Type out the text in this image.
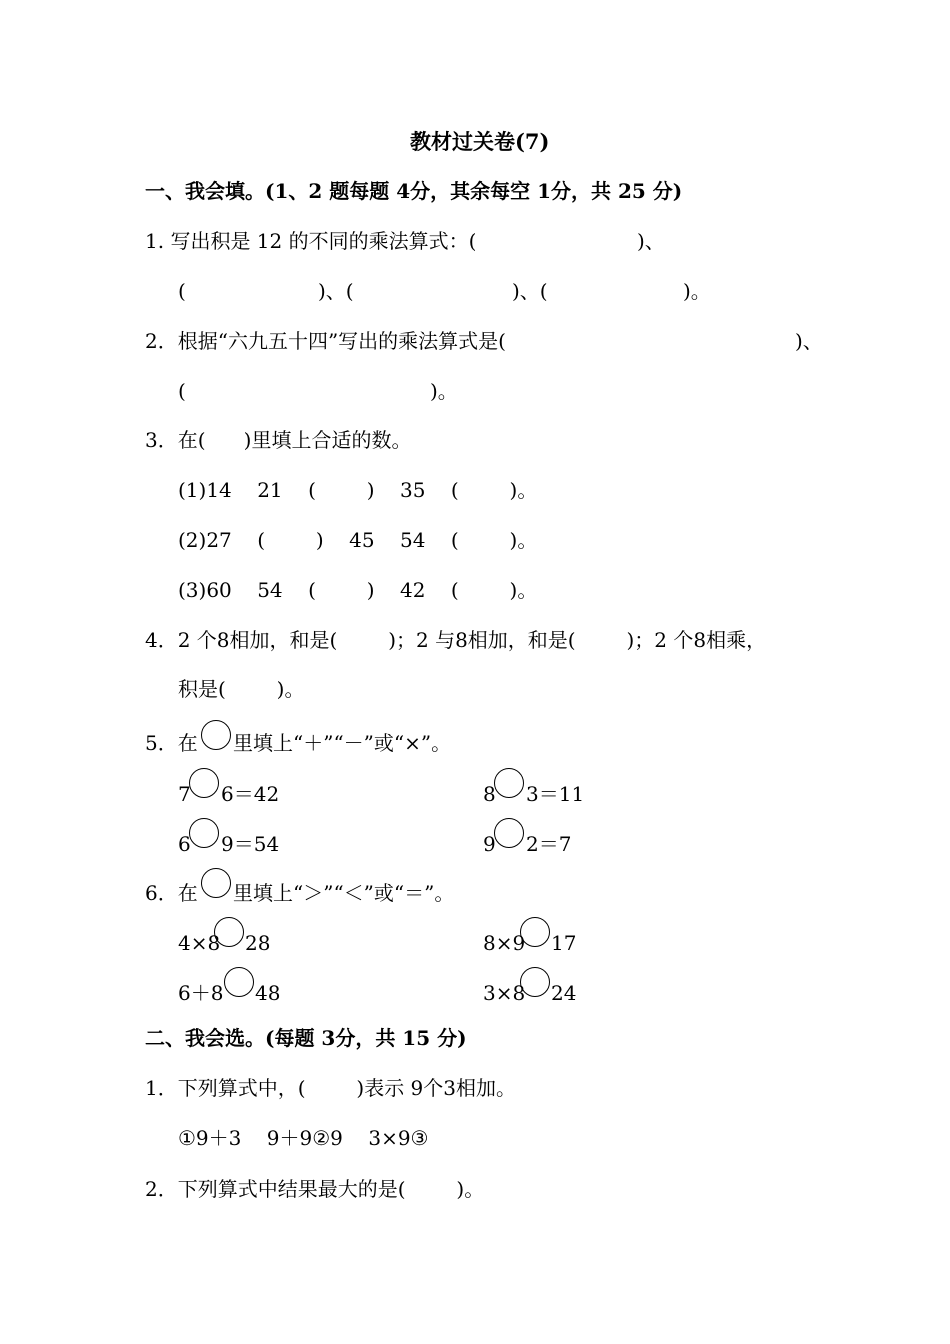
教材过关卷(7)
一、我会填。(1、2 题每题 4分，其余每空 1分，共 25 分)
1. 写出积是 12 的不同的乘法算式：(	)、
(	)、(	)、(	)。
2．根据“六九五十四”写出的乘法算式是(	)、
(	)。
3．在(      )里填上合适的数。
(1)14    21    (        )    35    (        )。
(2)27    (        )    45    54    (        )。
(3)60    54    (        )    42    (        )。
4．2 个8相加，和是(        )；2 与8相加，和是(        )；2 个8相乘，
积是(        )。
5．在 里填上“＋”“－”或“×”。
7 6＝42	8 3＝11
6 9＝54	9 2＝7
6．在 里填上“＞”“＜”或“＝”。
4×8 28	8×9 17
6＋8 48	3×8 24
二、我会选。(每题 3分，共 15 分)
1．下列算式中，(        )表示 9个3相加。
①9＋3    9＋9②9    3×9③
2．下列算式中结果最大的是(        )。
